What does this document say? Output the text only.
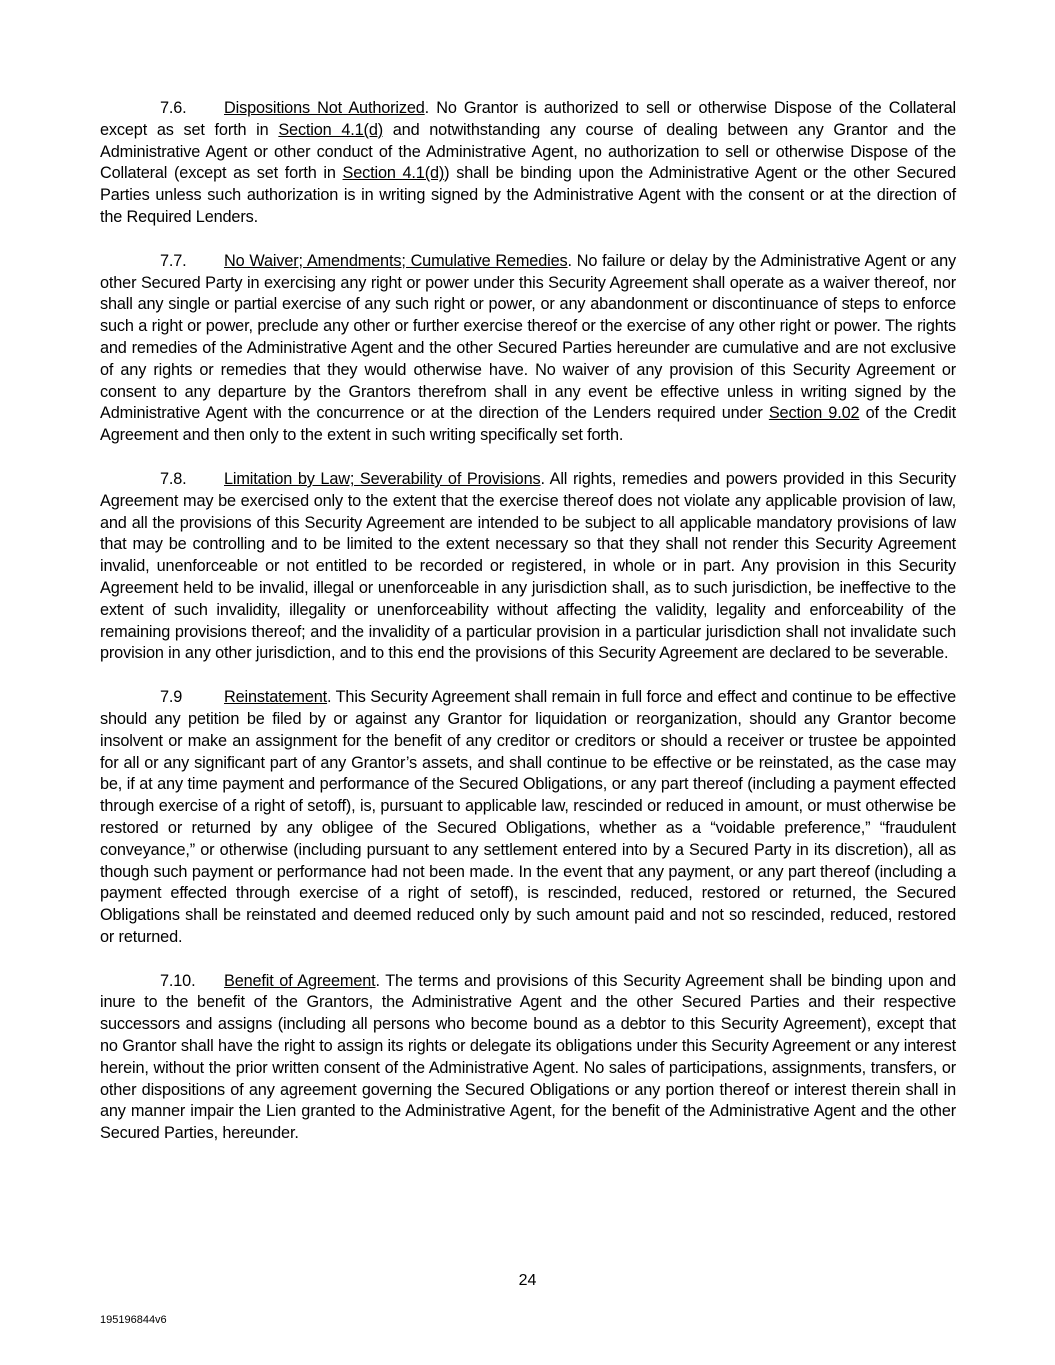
7.6. Dispositions Not Authorized. No Grantor is authorized to sell or otherwise Dispose of the Collateral except as set forth in Section 4.1(d) and notwithstanding any course of dealing between any Grantor and the Administrative Agent or other conduct of the Administrative Agent, no authorization to sell or otherwise Dispose of the Collateral (except as set forth in Section 4.1(d)) shall be binding upon the Administrative Agent or the other Secured Parties unless such authorization is in writing signed by the Administrative Agent with the consent or at the direction of the Required Lenders.

7.7. No Waiver; Amendments; Cumulative Remedies. No failure or delay by the Administrative Agent or any other Secured Party in exercising any right or power under this Security Agreement shall operate as a waiver thereof, nor shall any single or partial exercise of any such right or power, or any abandonment or discontinuance of steps to enforce such a right or power, preclude any other or further exercise thereof or the exercise of any other right or power. The rights and remedies of the Administrative Agent and the other Secured Parties hereunder are cumulative and are not exclusive of any rights or remedies that they would otherwise have. No waiver of any provision of this Security Agreement or consent to any departure by the Grantors therefrom shall in any event be effective unless in writing signed by the Administrative Agent with the concurrence or at the direction of the Lenders required under Section 9.02 of the Credit Agreement and then only to the extent in such writing specifically set forth.

7.8. Limitation by Law; Severability of Provisions. All rights, remedies and powers provided in this Security Agreement may be exercised only to the extent that the exercise thereof does not violate any applicable provision of law, and all the provisions of this Security Agreement are intended to be subject to all applicable mandatory provisions of law that may be controlling and to be limited to the extent necessary so that they shall not render this Security Agreement invalid, unenforceable or not entitled to be recorded or registered, in whole or in part. Any provision in this Security Agreement held to be invalid, illegal or unenforceable in any jurisdiction shall, as to such jurisdiction, be ineffective to the extent of such invalidity, illegality or unenforceability without affecting the validity, legality and enforceability of the remaining provisions thereof; and the invalidity of a particular provision in a particular jurisdiction shall not invalidate such provision in any other jurisdiction, and to this end the provisions of this Security Agreement are declared to be severable.

7.9	Reinstatement. This Security Agreement shall remain in full force and effect and continue to be effective should any petition be filed by or against any Grantor for liquidation or reorganization, should any Grantor become insolvent or make an assignment for the benefit of any creditor or creditors or should a receiver or trustee be appointed for all or any significant part of any Grantor’s assets, and shall continue to be effective or be reinstated, as the case may be, if at any time payment and performance of the Secured Obligations, or any part thereof (including a payment effected through exercise of a right of setoff), is, pursuant to applicable law, rescinded or reduced in amount, or must otherwise be restored or returned by any obligee of the Secured Obligations, whether as a “voidable preference,” “fraudulent conveyance,” or otherwise (including pursuant to any settlement entered into by a Secured Party in its discretion), all as though such payment or performance had not been made. In the event that any payment, or any part thereof (including a payment effected through exercise of a right of setoff), is rescinded, reduced, restored or returned, the Secured Obligations shall be reinstated and deemed reduced only by such amount paid and not so rescinded, reduced, restored or returned.

7.10. Benefit of Agreement. The terms and provisions of this Security Agreement shall be binding upon and inure to the benefit of the Grantors, the Administrative Agent and the other Secured Parties and their respective successors and assigns (including all persons who become bound as a debtor to this Security Agreement), except that no Grantor shall have the right to assign its rights or delegate its obligations under this Security Agreement or any interest herein, without the prior written consent of the Administrative Agent. No sales of participations, assignments, transfers, or other dispositions of any agreement governing the Secured Obligations or any portion thereof or interest therein shall in any manner impair the Lien granted to the Administrative Agent, for the benefit of the Administrative Agent and the other Secured Parties, hereunder.

24
195196844v6
